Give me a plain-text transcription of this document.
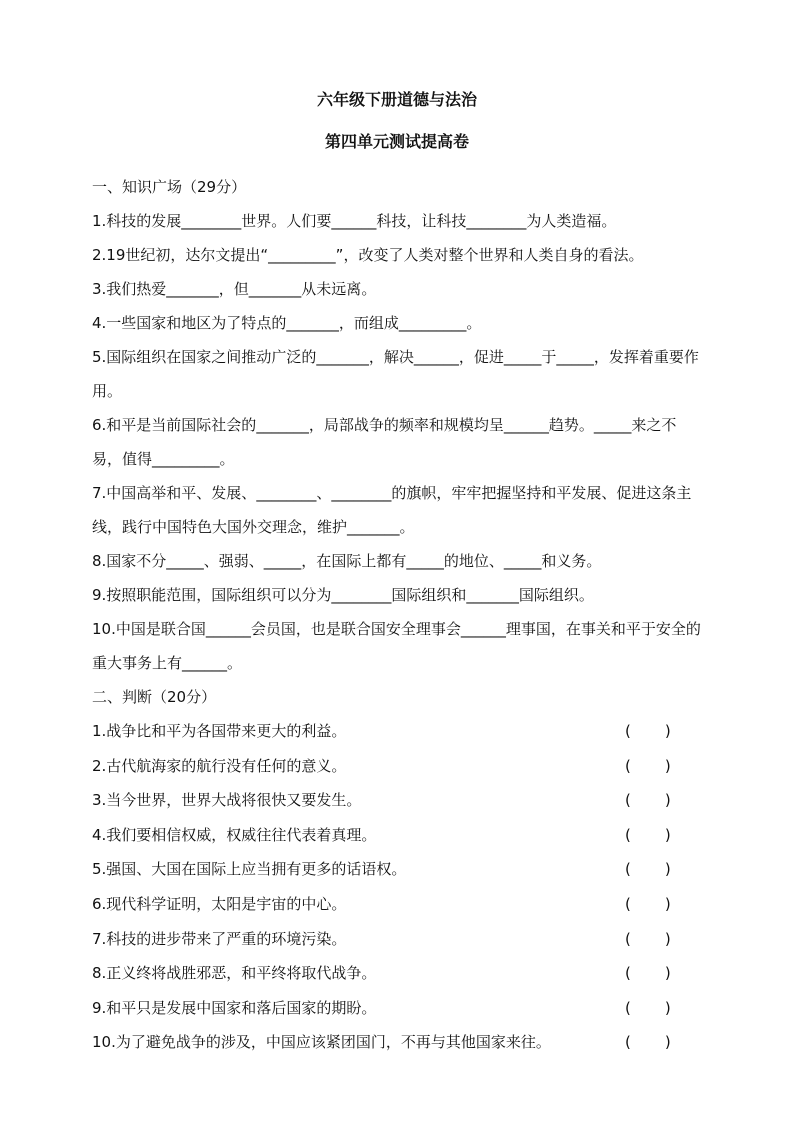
六年级下册道德与法治
第四单元测试提高卷
一、知识广场（29分）
1.科技的发展________世界。人们要______科技，让科技________为人类造福。
2.19世纪初，达尔文提出“_________”，改变了人类对整个世界和人类自身的看法。
3.我们热爱_______，但_______从未远离。
4.一些国家和地区为了特点的_______，而组成_________。
5.国际组织在国家之间推动广泛的_______，解决______，促进_____于_____，发挥着重要作用。
6.和平是当前国际社会的_______，局部战争的频率和规模均呈______趋势。_____来之不易，值得_________。
7.中国高举和平、发展、________、________的旗帜，牢牢把握坚持和平发展、促进这条主线，践行中国特色大国外交理念，维护_______。
8.国家不分_____、强弱、_____，在国际上都有_____的地位、_____和义务。
9.按照职能范围，国际组织可以分为________国际组织和_______国际组织。
10.中国是联合国______会员国，也是联合国安全理事会______理事国，在事关和平于安全的重大事务上有______。
二、判断（20分）
1.战争比和平为各国带来更大的利益。	( )
2.古代航海家的航行没有任何的意义。	( )
3.当今世界，世界大战将很快又要发生。	( )
4.我们要相信权威，权威往往代表着真理。	( )
5.强国、大国在国际上应当拥有更多的话语权。	( )
6.现代科学证明，太阳是宇宙的中心。	( )
7.科技的进步带来了严重的环境污染。	( )
8.正义终将战胜邪恶，和平终将取代战争。	( )
9.和平只是发展中国家和落后国家的期盼。	( )
10.为了避免战争的涉及，中国应该紧团国门，不再与其他国家来往。	( )
